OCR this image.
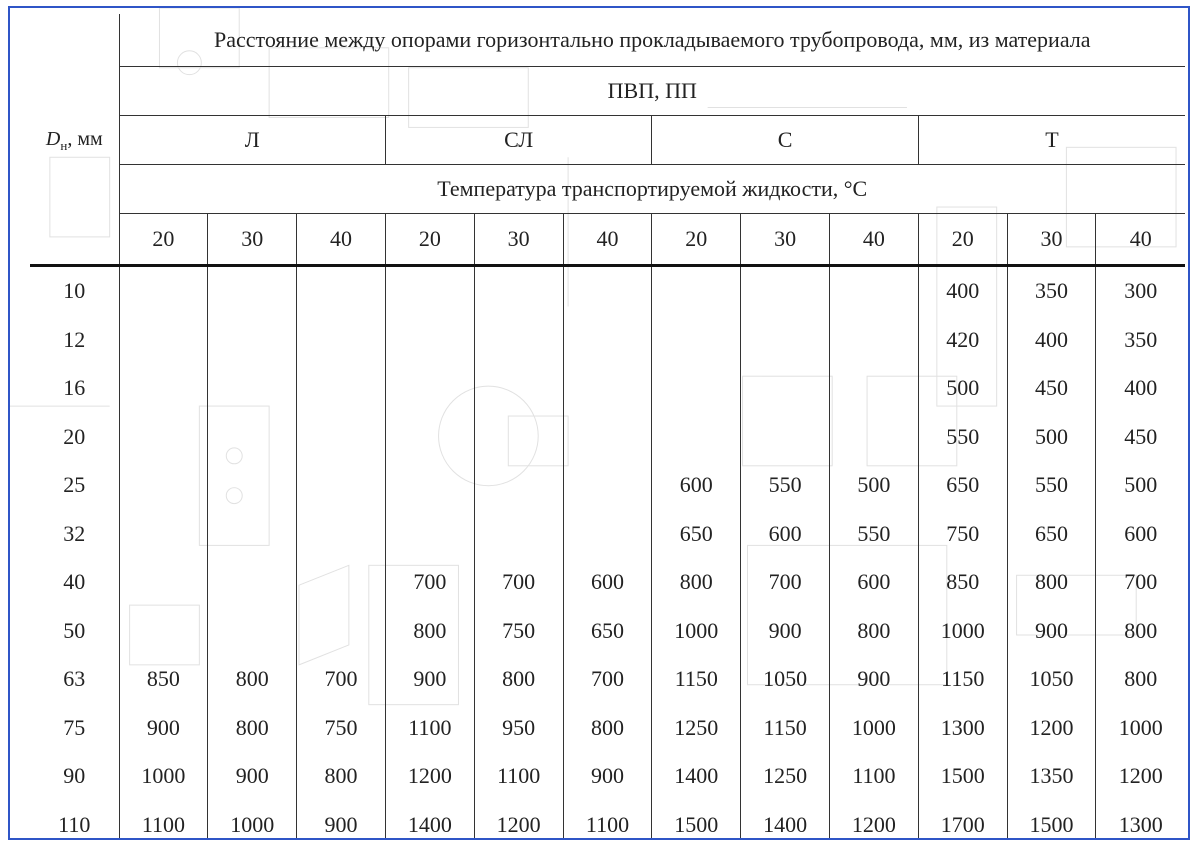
$D_н$, мм	Расстояние между опорами горизонтально прокладываемого трубопровода, мм, из материала											
	ПВП, ПП											
	Л			СЛ			С			Т		
	Температура транспортируемой жидкости, °С											
	20	30	40	20	30	40	20	30	40	20	30	40
10										400	350	300
12										420	400	350
16										500	450	400
20										550	500	450
25							600	550	500	650	550	500
32							650	600	550	750	650	600
40				700	700	600	800	700	600	850	800	700
50				800	750	650	1000	900	800	1000	900	800
63	850	800	700	900	800	700	1150	1050	900	1150	1050	800
75	900	800	750	1100	950	800	1250	1150	1000	1300	1200	1000
90	1000	900	800	1200	1100	900	1400	1250	1100	1500	1350	1200
110	1100	1000	900	1400	1200	1100	1500	1400	1200	1700	1500	1300
